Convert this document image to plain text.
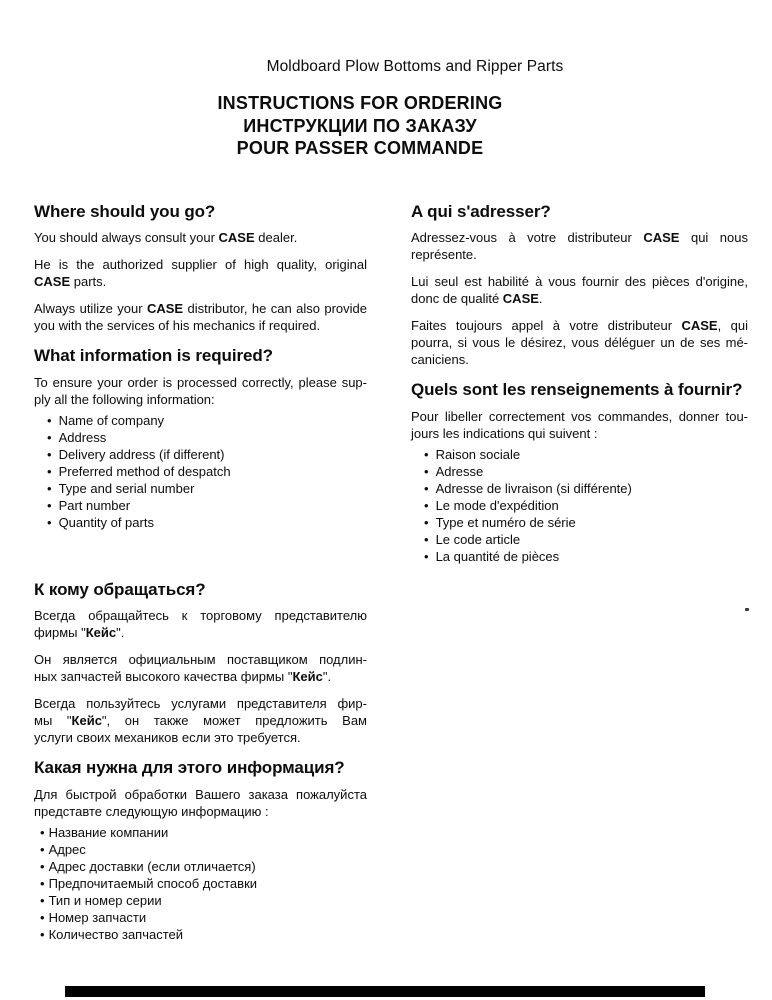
Moldboard Plow Bottoms and Ripper Parts
INSTRUCTIONS FOR ORDERING
ИНСТРУКЦИИ ПО ЗАКАЗУ
POUR PASSER COMMANDE
Where should you go?
You should always consult your CASE dealer.
He is the authorized supplier of high quality, original
CASE parts.
Always utilize your CASE distributor, he can also provide
you with the services of his mechanics if required.
What information is required?
To ensure your order is processed correctly, please sup-
ply all the following information:
• Name of company
• Address
• Delivery address (if different)
• Preferred method of despatch
• Type and serial number
• Part number
• Quantity of parts
A qui s'adresser?
Adressez-vous à votre distributeur CASE qui nous
représente.
Lui seul est habilité à vous fournir des pièces d'origine,
donc de qualité CASE.
Faites toujours appel à votre distributeur CASE, qui
pourra, si vous le désirez, vous déléguer un de ses mé-
caniciens.
Quels sont les renseignements à fournir?
Pour libeller correctement vos commandes, donner tou-
jours les indications qui suivent :
• Raison sociale
• Adresse
• Adresse de livraison (si différente)
• Le mode d'expédition
• Type et numéro de série
• Le code article
• La quantité de pièces
К кому обращаться?
Всегда обращайтесь к торговому представителю
фирмы "Кейс".
Он является официальным поставщиком подлин-
ных запчастей высокого качества фирмы "Кейс".
Всегда пользуйтесь услугами представителя фир-
мы "Кейс", он также может предложить Вам
услуги своих механиков если это требуется.
Какая нужна для этого информация?
Для быстрой обработки Вашего заказа пожалуйста
представте следующую информацию :
• Название компании
• Адрес
• Адрес доставки (если отличается)
• Предпочитаемый способ доставки
• Тип и номер серии
• Номер запчасти
• Количество запчастей
